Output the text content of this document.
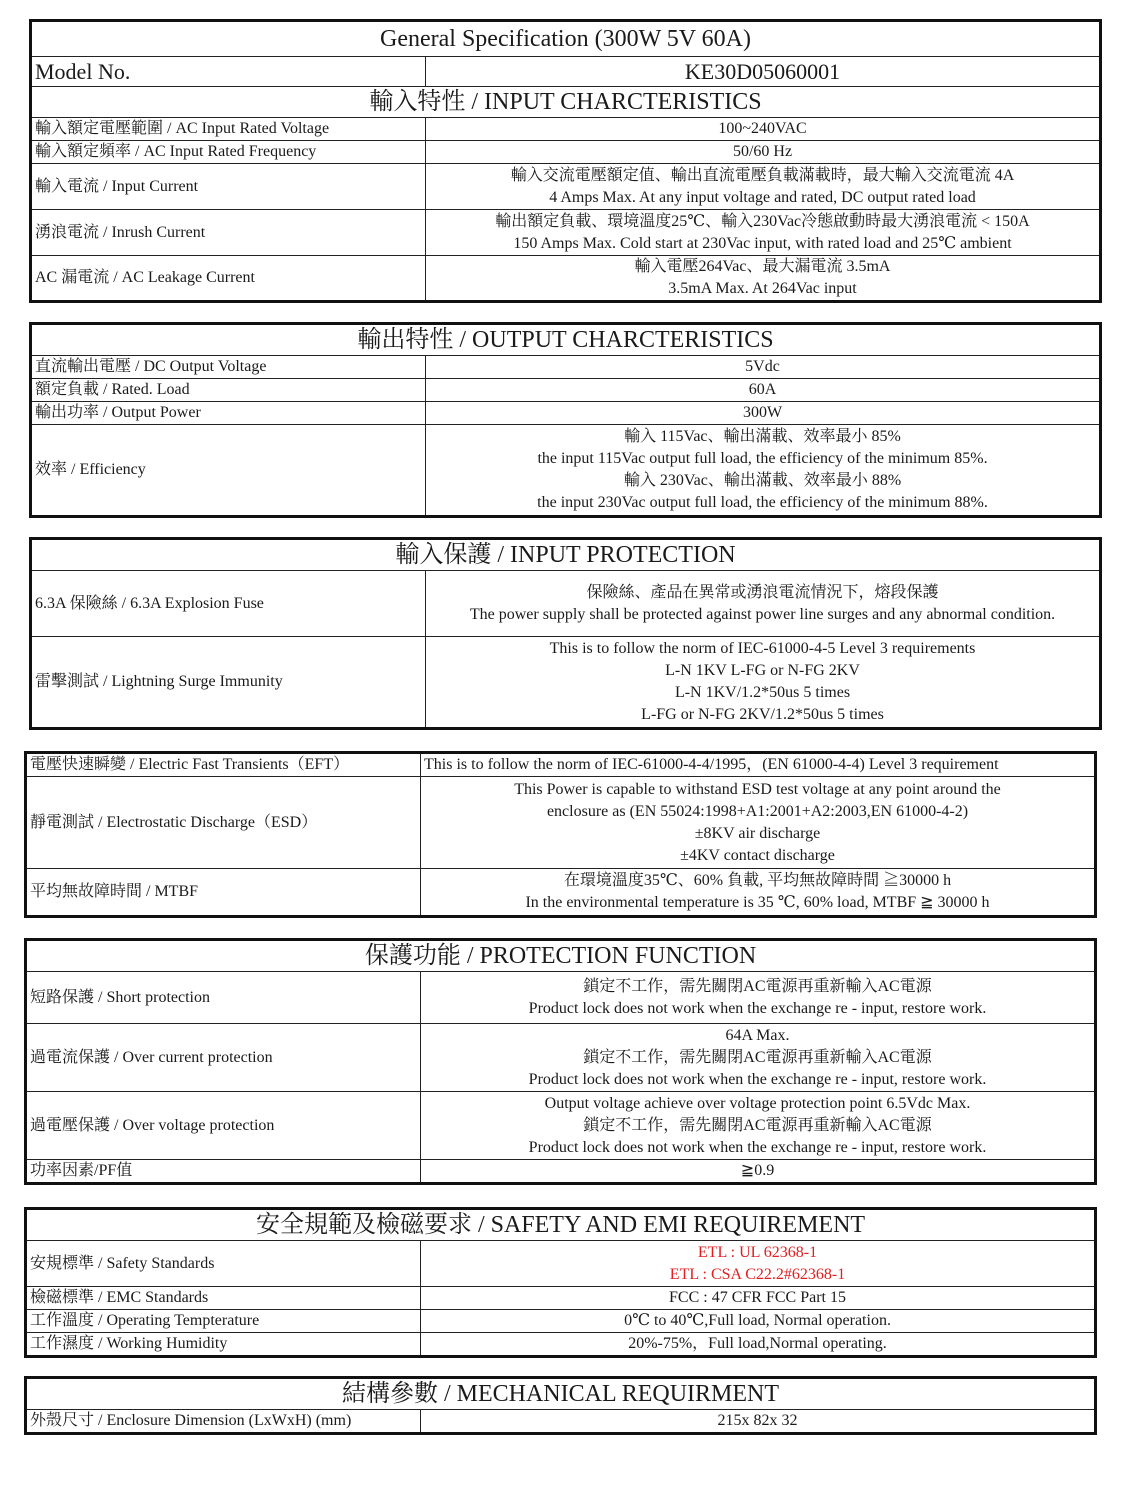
General Specification (300W 5V 60A)	
Model No.	KE30D05060001
輸入特性 / INPUT CHARCTERISTICS	
輸入額定電壓範圍 / AC Input Rated Voltage	100~240VAC

輸入額定頻率 / AC Input Rated Frequency	50/60 Hz

輸入電流 / Input Current	輸入交流電壓額定值、輸出直流電壓負載滿載時，最大輸入交流電流 4A
4 Amps Max. At any input voltage and rated, DC output rated load

湧浪電流 / Inrush Current	輸出額定負載、環境溫度25℃、輸入230Vac冷態啟動時最大湧浪電流 < 150A
150 Amps Max. Cold start at 230Vac input, with rated load and 25℃ ambient

AC 漏電流 / AC Leakage Current	輸入電壓264Vac、最大漏電流 3.5mA
3.5mA Max. At 264Vac input
輸出特性 / OUTPUT CHARCTERISTICS	
直流輸出電壓 / DC Output Voltage	5Vdc

額定負載 / Rated. Load	60A

輸出功率 / Output Power	300W

效率 / Efficiency	輸入 115Vac、輸出滿載、效率最小 85%
the input 115Vac output full load, the efficiency of the minimum 85%.
輸入 230Vac、輸出滿載、效率最小 88%
the input 230Vac output full load, the efficiency of the minimum 88%.
輸入保護 / INPUT PROTECTION	
6.3A 保險絲 / 6.3A Explosion Fuse	保險絲、產品在異常或湧浪電流情況下，熔段保護
The power supply shall be protected against power line surges and any abnormal condition.

雷擊測試 / Lightning Surge Immunity	This is to follow the norm of IEC-61000-4-5 Level 3 requirements
L-N 1KV L-FG or N-FG 2KV
L-N 1KV/1.2*50us 5 times
L-FG or N-FG 2KV/1.2*50us 5 times
電壓快速瞬變 / Electric Fast Transients（EFT）	This is to follow the norm of IEC-61000-4-4/1995，(EN 61000-4-4) Level 3 requirement

靜電測試 / Electrostatic Discharge（ESD）	This Power is capable to withstand ESD test voltage at any point around the
enclosure as (EN 55024:1998+A1:2001+A2:2003,EN 61000-4-2)
±8KV air discharge
±4KV contact discharge

平均無故障時間 / MTBF	在環境溫度35℃、60% 負載, 平均無故障時間 ≧30000 h
In the environmental temperature is 35 ℃, 60% load, MTBF ≧ 30000 h
保護功能 / PROTECTION FUNCTION	
短路保護 / Short protection	鎖定不工作，需先關閉AC電源再重新輸入AC電源
Product lock does not work when the exchange re - input, restore work.

過電流保護 / Over current protection	64A Max.
鎖定不工作，需先關閉AC電源再重新輸入AC電源
Product lock does not work when the exchange re - input, restore work.

過電壓保護 / Over voltage protection	Output voltage achieve over voltage protection point 6.5Vdc Max.
鎖定不工作，需先關閉AC電源再重新輸入AC電源
Product lock does not work when the exchange re - input, restore work.

功率因素/PF值	≧0.9
安全規範及檢磁要求 / SAFETY AND EMI REQUIREMENT	
安規標準 / Safety Standards	ETL : UL 62368-1
ETL : CSA C22.2#62368-1

檢磁標準 / EMC Standards	FCC : 47 CFR FCC Part 15

工作溫度 / Operating Tempterature	0℃ to 40℃,Full load, Normal operation.

工作濕度 / Working Humidity	20%-75%，Full load,Normal operating.
結構參數 / MECHANICAL REQUIRMENT
外殼尺寸 / Enclosure Dimension (LxWxH) (mm)	215x 82x 32
